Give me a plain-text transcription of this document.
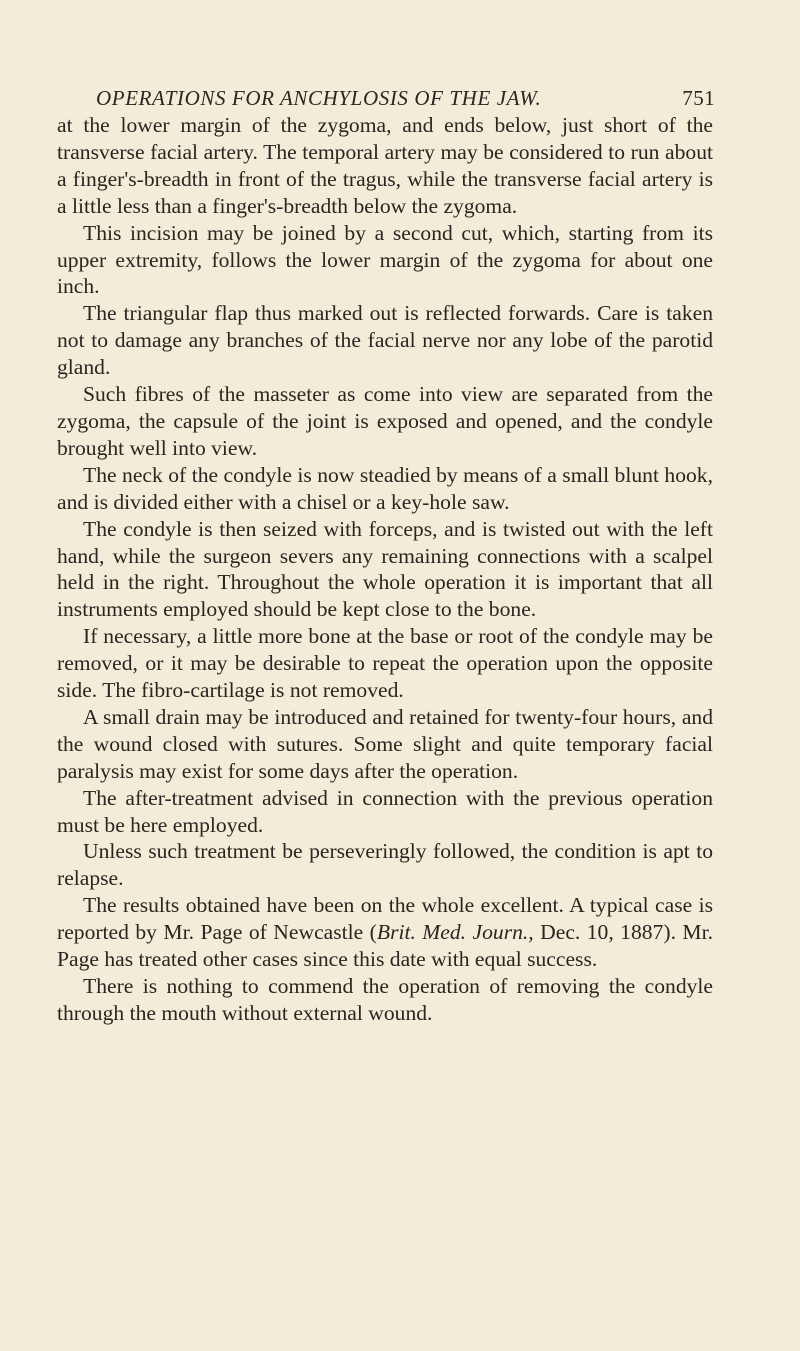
OPERATIONS FOR ANCHYLOSIS OF THE JAW.	751

at the lower margin of the zygoma, and ends below, just short of the transverse facial artery. The temporal artery may be considered to run about a finger's-breadth in front of the tragus, while the transverse facial artery is a little less than a finger's-breadth below the zygoma.

This incision may be joined by a second cut, which, starting from its upper extremity, follows the lower margin of the zygoma for about one inch.

The triangular flap thus marked out is reflected forwards. Care is taken not to damage any branches of the facial nerve nor any lobe of the parotid gland.

Such fibres of the masseter as come into view are separated from the zygoma, the capsule of the joint is exposed and opened, and the condyle brought well into view.

The neck of the condyle is now steadied by means of a small blunt hook, and is divided either with a chisel or a key-hole saw.

The condyle is then seized with forceps, and is twisted out with the left hand, while the surgeon severs any remaining connections with a scalpel held in the right. Throughout the whole operation it is important that all instruments employed should be kept close to the bone.

If necessary, a little more bone at the base or root of the condyle may be removed, or it may be desirable to repeat the operation upon the opposite side. The fibro-cartilage is not removed.

A small drain may be introduced and retained for twenty-four hours, and the wound closed with sutures. Some slight and quite temporary facial paralysis may exist for some days after the operation.

The after-treatment advised in connection with the previous operation must be here employed.

Unless such treatment be perseveringly followed, the condition is apt to relapse.

The results obtained have been on the whole excellent. A typical case is reported by Mr. Page of Newcastle (Brit. Med. Journ., Dec. 10, 1887). Mr. Page has treated other cases since this date with equal success.

There is nothing to commend the operation of removing the condyle through the mouth without external wound.
